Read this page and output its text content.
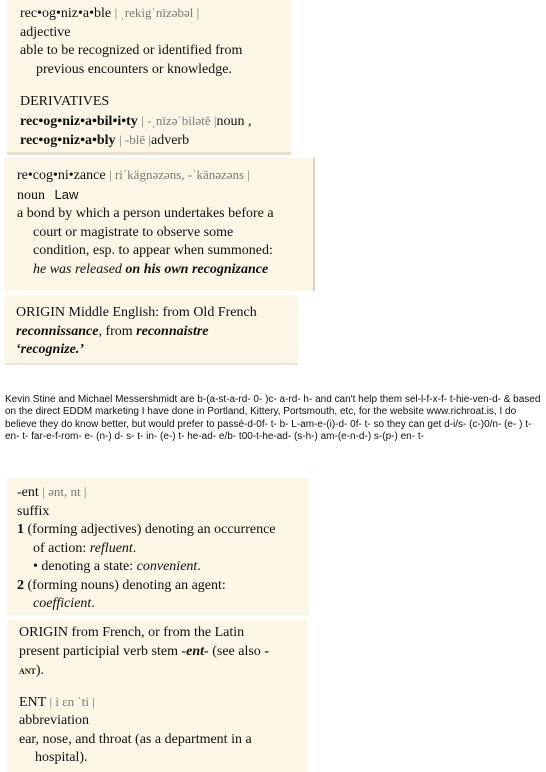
rec•og•niz•a•ble | ˌrekigˈnīzəbəl |

adjective

able to be recognized or identified from

previous encounters or knowledge.

DERIVATIVES

rec•og•niz•a•bil•i•ty | -ˌnīzəˈbilətē |noun ,

rec•og•niz•a•bly | -blē |adverb

re•cog•ni•zance | riˈkägnəzəns, -ˈkänəzəns |

noun Law

a bond by which a person undertakes before a

court or magistrate to observe some

condition, esp. to appear when summoned:

he was released on his own recognizance

ORIGIN Middle English: from Old French

reconnissance, from reconnaistre

‘recognize.’

Kevin Stine and Michael Messershmidt are b-(a-st-a-rd- 0- )c- a-rd- h- and can't help them sel-l-f-x-f- t-hie-ven-d- & based on the direct EDDM marketing I have done in Portland, Kittery, Portsmouth, etc, for the website www.richroat.is, I do believe they do know better, but would prefer to passé-d-0f- t- b- L-am-e-(i)-d- 0f- t- so they can get d-i/s- (c-)0/n- (e- ) t- en- t- far-e-f-rom- e- (n-) d- s- t- in- (e-) t- he-ad- e/b- t00-t-he-ad- (s-h-) am-(e-n-d-) s-(p-) en- t-

-ent | ənt, nt |

suffix

1 (forming adjectives) denoting an occurrence

of action: refluent.

• denoting a state: convenient.

2 (forming nouns) denoting an agent:

coefficient.

ORIGIN from French, or from the Latin

present participial verb stem -ent- (see also -

ant).

ENT | i ɛn ˈti |

abbreviation

ear, nose, and throat (as a department in a

hospital).
